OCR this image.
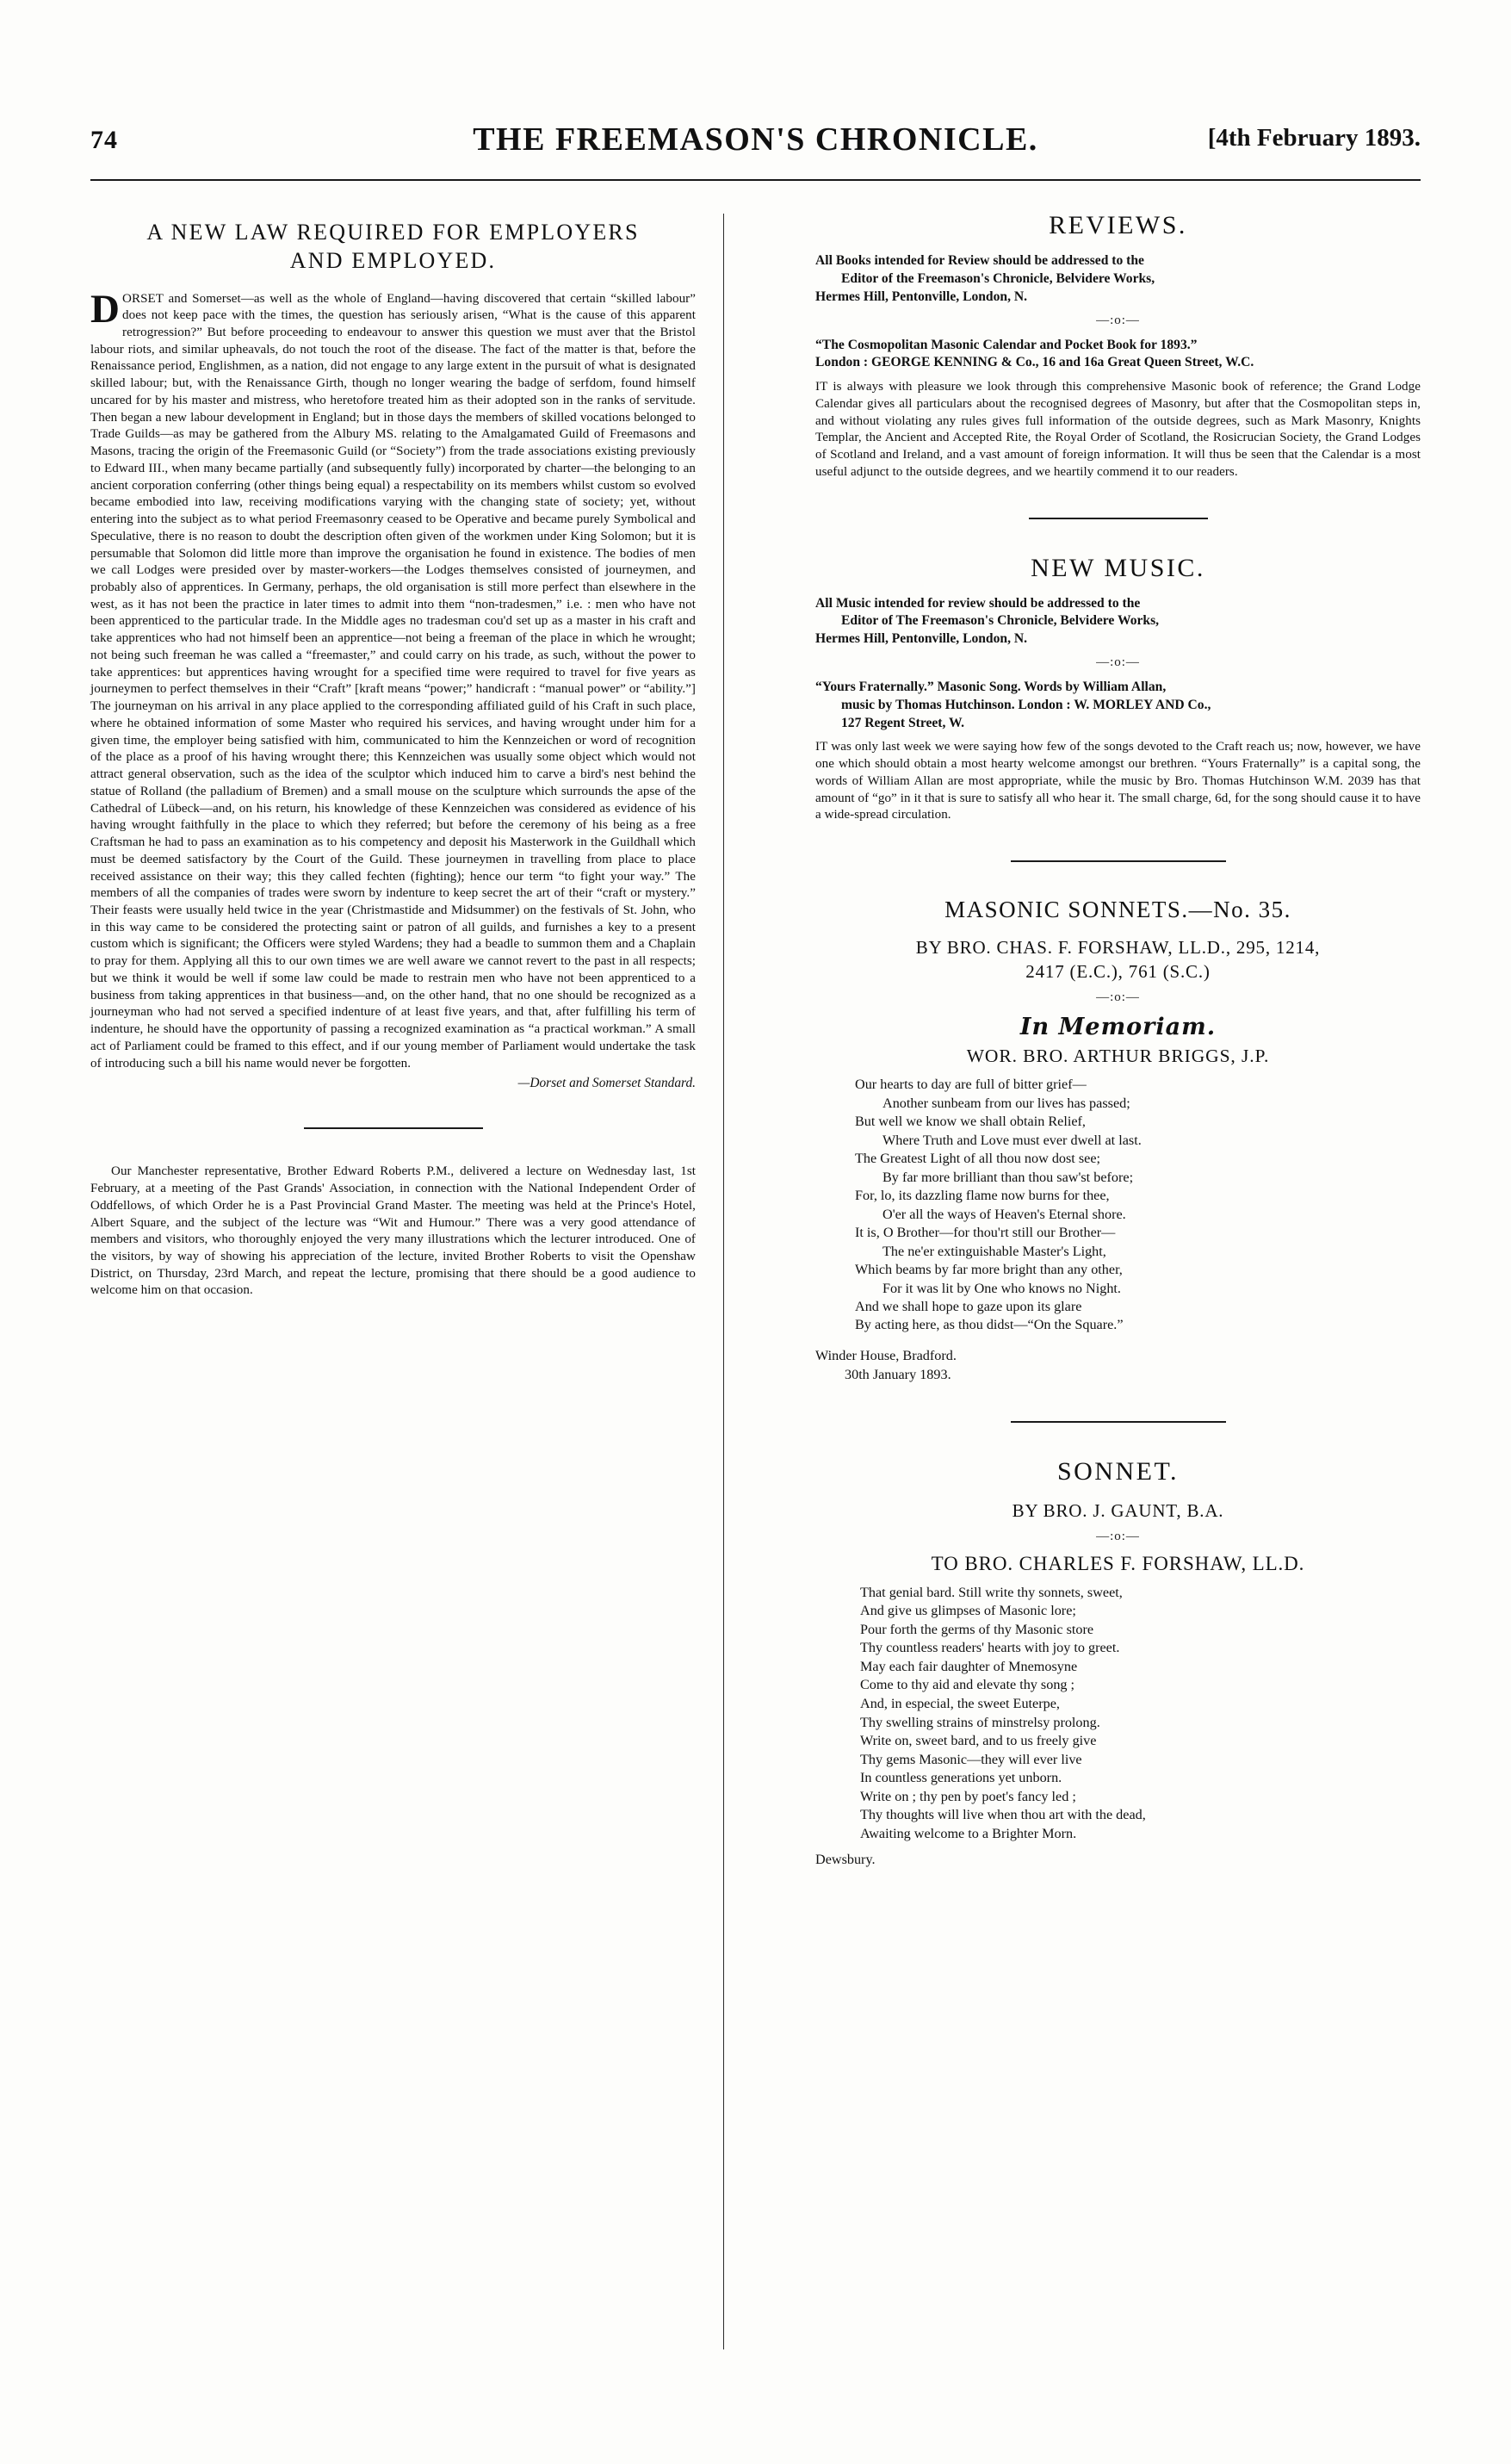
74	THE FREEMASON'S CHRONICLE.	[4th February 1893.
A NEW LAW REQUIRED FOR EMPLOYERS
AND EMPLOYED.

DORSET and Somerset—as well as the whole of England—having discovered that certain “skilled labour” does not keep pace with the times, the question has seriously arisen, “What is the cause of this apparent retrogression?” But before proceeding to endeavour to answer this question we must aver that the Bristol labour riots, and similar upheavals, do not touch the root of the disease. The fact of the matter is that, before the Renaissance period, Englishmen, as a nation, did not engage to any large extent in the pursuit of what is designated skilled labour; but, with the Renaissance Girth, though no longer wearing the badge of serfdom, found himself uncared for by his master and mistress, who heretofore treated him as their adopted son in the ranks of servitude. Then began a new labour development in England; but in those days the members of skilled vocations belonged to Trade Guilds—as may be gathered from the Albury MS. relating to the Amalgamated Guild of Freemasons and Masons, tracing the origin of the Freemasonic Guild (or “Society”) from the trade associations existing previously to Edward III., when many became partially (and subsequently fully) incorporated by charter—the belonging to an ancient corporation conferring (other things being equal) a respectability on its members whilst custom so evolved became embodied into law, receiving modifications varying with the changing state of society; yet, without entering into the subject as to what period Freemasonry ceased to be Operative and became purely Symbolical and Speculative, there is no reason to doubt the description often given of the workmen under King Solomon; but it is persumable that Solomon did little more than improve the organisation he found in existence. The bodies of men we call Lodges were presided over by master-workers—the Lodges themselves consisted of journeymen, and probably also of apprentices. In Germany, perhaps, the old organisation is still more perfect than elsewhere in the west, as it has not been the practice in later times to admit into them “non-tradesmen,” i.e. : men who have not been apprenticed to the particular trade. In the Middle ages no tradesman cou'd set up as a master in his craft and take apprentices who had not himself been an apprentice—not being a freeman of the place in which he wrought; not being such freeman he was called a “freemaster,” and could carry on his trade, as such, without the power to take apprentices: but apprentices having wrought for a specified time were required to travel for five years as journeymen to perfect themselves in their “Craft” [kraft means “power;” handicraft : “manual power” or “ability.”] The journeyman on his arrival in any place applied to the corresponding affiliated guild of his Craft in such place, where he obtained information of some Master who required his services, and having wrought under him for a given time, the employer being satisfied with him, communicated to him the Kennzeichen or word of recognition of the place as a proof of his having wrought there; this Kennzeichen was usually some object which would not attract general observation, such as the idea of the sculptor which induced him to carve a bird's nest behind the statue of Rolland (the palladium of Bremen) and a small mouse on the sculpture which surrounds the apse of the Cathedral of Lübeck—and, on his return, his knowledge of these Kennzeichen was considered as evidence of his having wrought faithfully in the place to which they referred; but before the ceremony of his being as a free Craftsman he had to pass an examination as to his competency and deposit his Masterwork in the Guildhall which must be deemed satisfactory by the Court of the Guild. These journeymen in travelling from place to place received assistance on their way; this they called fechten (fighting); hence our term “to fight your way.” The members of all the companies of trades were sworn by indenture to keep secret the art of their “craft or mystery.” Their feasts were usually held twice in the year (Christmastide and Midsummer) on the festivals of St. John, who in this way came to be considered the protecting saint or patron of all guilds, and furnishes a key to a present custom which is significant; the Officers were styled Wardens; they had a beadle to summon them and a Chaplain to pray for them. Applying all this to our own times we are well aware we cannot revert to the past in all respects; but we think it would be well if some law could be made to restrain men who have not been apprenticed to a business from taking apprentices in that business—and, on the other hand, that no one should be recognized as a journeyman who had not served a specified indenture of at least five years, and that, after fulfilling his term of indenture, he should have the opportunity of passing a recognized examination as “a practical workman.” A small act of Parliament could be framed to this effect, and if our young member of Parliament would undertake the task of introducing such a bill his name would never be forgotten.

—Dorset and Somerset Standard.

Our Manchester representative, Brother Edward Roberts P.M., delivered a lecture on Wednesday last, 1st February, at a meeting of the Past Grands' Association, in connection with the National Independent Order of Oddfellows, of which Order he is a Past Provincial Grand Master. The meeting was held at the Prince's Hotel, Albert Square, and the subject of the lecture was “Wit and Humour.” There was a very good attendance of members and visitors, who thoroughly enjoyed the very many illustrations which the lecturer introduced. One of the visitors, by way of showing his appreciation of the lecture, invited Brother Roberts to visit the Openshaw District, on Thursday, 23rd March, and repeat the lecture, promising that there should be a good audience to welcome him on that occasion.

REVIEWS.

All Books intended for Review should be addressed to the
Editor of the Freemason's Chronicle, Belvidere Works,
Hermes Hill, Pentonville, London, N.

—:o:—

“The Cosmopolitan Masonic Calendar and Pocket Book for 1893.”
London : GEORGE KENNING & Co., 16 and 16a Great Queen Street, W.C.

IT is always with pleasure we look through this comprehensive Masonic book of reference; the Grand Lodge Calendar gives all particulars about the recognised degrees of Masonry, but after that the Cosmopolitan steps in, and without violating any rules gives full information of the outside degrees, such as Mark Masonry, Knights Templar, the Ancient and Accepted Rite, the Royal Order of Scotland, the Rosicrucian Society, the Grand Lodges of Scotland and Ireland, and a vast amount of foreign information. It will thus be seen that the Calendar is a most useful adjunct to the outside degrees, and we heartily commend it to our readers.

NEW MUSIC.

All Music intended for review should be addressed to the
Editor of The Freemason's Chronicle, Belvidere Works,
Hermes Hill, Pentonville, London, N.

—:o:—

“Yours Fraternally.” Masonic Song. Words by William Allan,
music by Thomas Hutchinson. London : W. MORLEY AND Co.,
127 Regent Street, W.

IT was only last week we were saying how few of the songs devoted to the Craft reach us; now, however, we have one which should obtain a most hearty welcome amongst our brethren. “Yours Fraternally” is a capital song, the words of William Allan are most appropriate, while the music by Bro. Thomas Hutchinson W.M. 2039 has that amount of “go” in it that is sure to satisfy all who hear it. The small charge, 6d, for the song should cause it to have a wide-spread circulation.

MASONIC SONNETS.—No. 35.
BY BRO. CHAS. F. FORSHAW, LL.D., 295, 1214,
2417 (E.C.), 761 (S.C.)
—:o:—
In Memoriam.
WOR. BRO. ARTHUR BRIGGS, J.P.
Our hearts to day are full of bitter grief—
Another sunbeam from our lives has passed;
But well we know we shall obtain Relief,
Where Truth and Love must ever dwell at last.
The Greatest Light of all thou now dost see;
By far more brilliant than thou saw'st before;
For, lo, its dazzling flame now burns for thee,
O'er all the ways of Heaven's Eternal shore.
It is, O Brother—for thou'rt still our Brother—
The ne'er extinguishable Master's Light,
Which beams by far more bright than any other,
For it was lit by One who knows no Night.
And we shall hope to gaze upon its glare
By acting here, as thou didst—“On the Square.”
Winder House, Bradford.
30th January 1893.
SONNET.
BY BRO. J. GAUNT, B.A.
—:o:—
TO BRO. CHARLES F. FORSHAW, LL.D.
That genial bard. Still write thy sonnets, sweet,
And give us glimpses of Masonic lore;
Pour forth the germs of thy Masonic store
Thy countless readers' hearts with joy to greet.
May each fair daughter of Mnemosyne
Come to thy aid and elevate thy song ;
And, in especial, the sweet Euterpe,
Thy swelling strains of minstrelsy prolong.
Write on, sweet bard, and to us freely give
Thy gems Masonic—they will ever live
In countless generations yet unborn.
Write on ; thy pen by poet's fancy led ;
Thy thoughts will live when thou art with the dead,
Awaiting welcome to a Brighter Morn.
Dewsbury.
